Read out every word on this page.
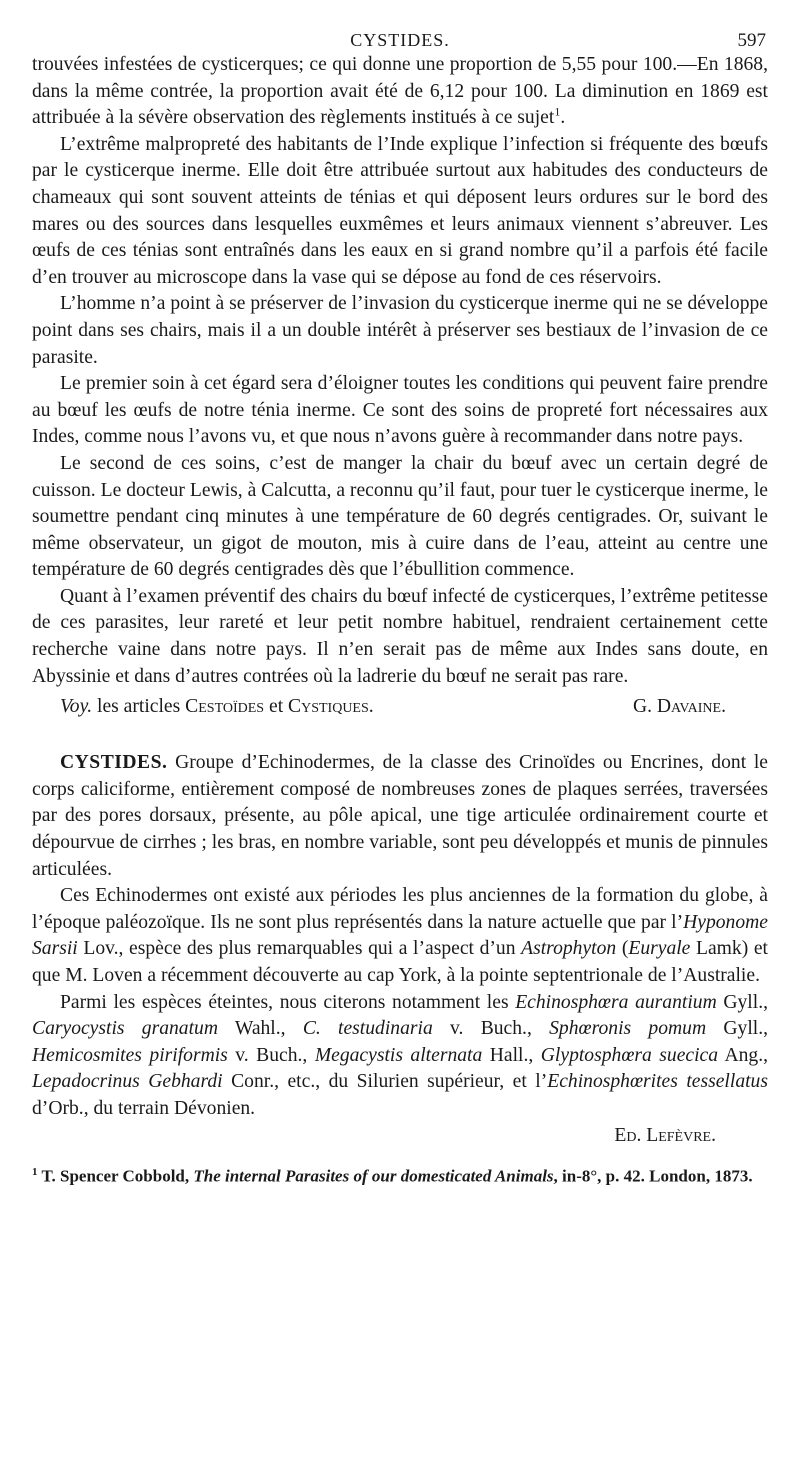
CYSTIDES.	597

trouvées infestées de cysticerques; ce qui donne une proportion de 5,55 pour 100.—En 1868, dans la même contrée, la proportion avait été de 6,12 pour 100. La diminution en 1869 est attribuée à la sévère observation des règlements institués à ce sujet$^1$.

L’extrême malpropreté des habitants de l’Inde explique l’infection si fréquente des bœufs par le cysticerque inerme. Elle doit être attribuée surtout aux habitudes des conducteurs de chameaux qui sont souvent atteints de ténias et qui déposent leurs ordures sur le bord des mares ou des sources dans lesquelles euxmêmes et leurs animaux viennent s’abreuver. Les œufs de ces ténias sont entraînés dans les eaux en si grand nombre qu’il a parfois été facile d’en trouver au microscope dans la vase qui se dépose au fond de ces réservoirs.

L’homme n’a point à se préserver de l’invasion du cysticerque inerme qui ne se développe point dans ses chairs, mais il a un double intérêt à préserver ses bestiaux de l’invasion de ce parasite.

Le premier soin à cet égard sera d’éloigner toutes les conditions qui peuvent faire prendre au bœuf les œufs de notre ténia inerme. Ce sont des soins de propreté fort nécessaires aux Indes, comme nous l’avons vu, et que nous n’avons guère à recommander dans notre pays.

Le second de ces soins, c’est de manger la chair du bœuf avec un certain degré de cuisson. Le docteur Lewis, à Calcutta, a reconnu qu’il faut, pour tuer le cysticerque inerme, le soumettre pendant cinq minutes à une température de 60 degrés centigrades. Or, suivant le même observateur, un gigot de mouton, mis à cuire dans de l’eau, atteint au centre une température de 60 degrés centigrades dès que l’ébullition commence.

Quant à l’examen préventif des chairs du bœuf infecté de cysticerques, l’extrême petitesse de ces parasites, leur rareté et leur petit nombre habituel, rendraient certainement cette recherche vaine dans notre pays. Il n’en serait pas de même aux Indes sans doute, en Abyssinie et dans d’autres contrées où la ladrerie du bœuf ne serait pas rare.

Voy. les articles Cestoïdes et Cystiques.	G. Davaine.

CYSTIDES. Groupe d’Echinodermes, de la classe des Crinoïdes ou Encrines, dont le corps caliciforme, entièrement composé de nombreuses zones de plaques serrées, traversées par des pores dorsaux, présente, au pôle apical, une tige articulée ordinairement courte et dépourvue de cirrhes ; les bras, en nombre variable, sont peu développés et munis de pinnules articulées.

Ces Echinodermes ont existé aux périodes les plus anciennes de la formation du globe, à l’époque paléozoïque. Ils ne sont plus représentés dans la nature actuelle que par l’Hyponome Sarsii Lov., espèce des plus remarquables qui a l’aspect d’un Astrophyton (Euryale Lamk) et que M. Loven a récemment découverte au cap York, à la pointe septentrionale de l’Australie.

Parmi les espèces éteintes, nous citerons notamment les Echinosphœra aurantium Gyll., Caryocystis granatum Wahl., C. testudinaria v. Buch., Sphœronis pomum Gyll., Hemicosmites piriformis v. Buch., Megacystis alternata Hall., Glyptosphœra suecica Ang., Lepadocrinus Gebhardi Conr., etc., du Silurien supérieur, et l’Echinosphœrites tessellatus d’Orb., du terrain Dévonien.

Ed. Lefèvre.
$^1$ T. Spencer Cobbold, The internal Parasites of our domesticated Animals, in-8°, p. 42. London, 1873.
